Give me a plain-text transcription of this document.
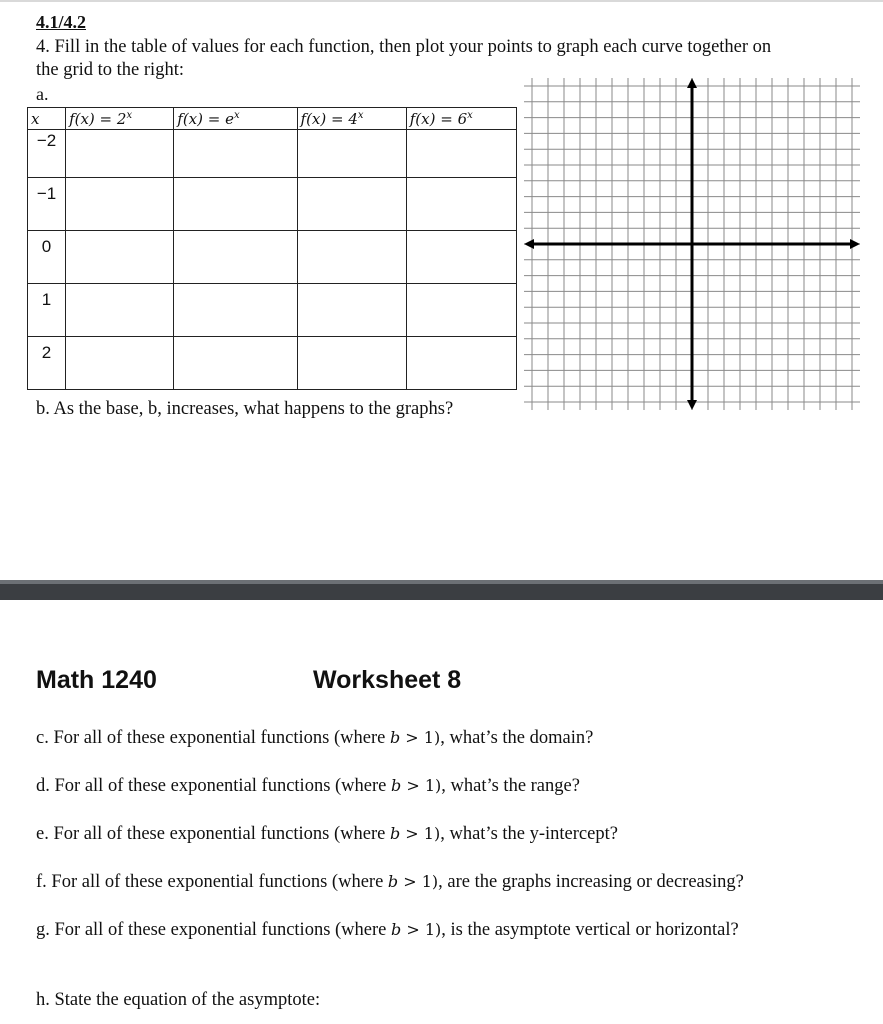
4.1/4.2

4. Fill in the table of values for each function, then plot your points to graph each curve together on the grid to the right:

a.

x	$f(x) = 2^x$	$f(x) = e^x$	$f(x) = 4^x$	$f(x) = 6^x$
−2				
−1				
0				
1				
2				

b. As the base, b, increases, what happens to the graphs?

Math 1240	Worksheet 8

c. For all of these exponential functions (where b > 1), what’s the domain?

d. For all of these exponential functions (where b > 1), what’s the range?

e. For all of these exponential functions (where b > 1), what’s the y-intercept?

f. For all of these exponential functions (where b > 1), are the graphs increasing or decreasing?

g. For all of these exponential functions (where b > 1), is the asymptote vertical or horizontal?

h. State the equation of the asymptote:
